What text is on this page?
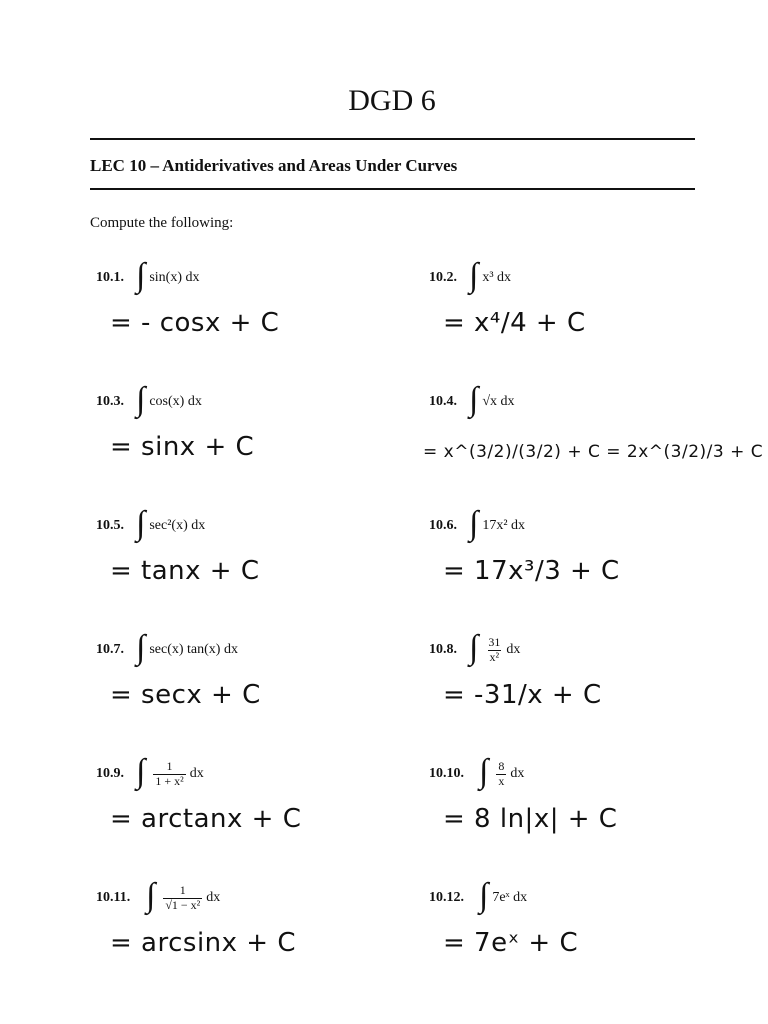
DGD 6
LEC 10 – Antiderivatives and Areas Under Curves
Compute the following:
10.1. ∫ sin(x) dx
= - cosx + C
10.2. ∫ x³ dx
= x⁴/4 + C
10.3. ∫ cos(x) dx
= sinx + C
10.4. ∫ √x dx
= x^(3/2)/(3/2) + C = 2x^(3/2)/3 + C
10.5. ∫ sec²(x) dx
= tanx + C
10.6. ∫ 17x² dx
= 17x³/3 + C
10.7. ∫ sec(x) tan(x) dx
= secx + C
10.8. ∫ $\frac{31}{\text{x²}}$ dx
= -31/x + C
10.9. ∫ $\frac{1}{\text{1 + x²}}$ dx
= arctanx + C
10.10. ∫ $\frac{8}{x}$ dx
= 8 ln|x| + C
10.11. ∫ $\frac{1}{\text{√1 − x²}}$ dx
= arcsinx + C
10.12. ∫ 7eˣ dx
= 7eˣ + C
